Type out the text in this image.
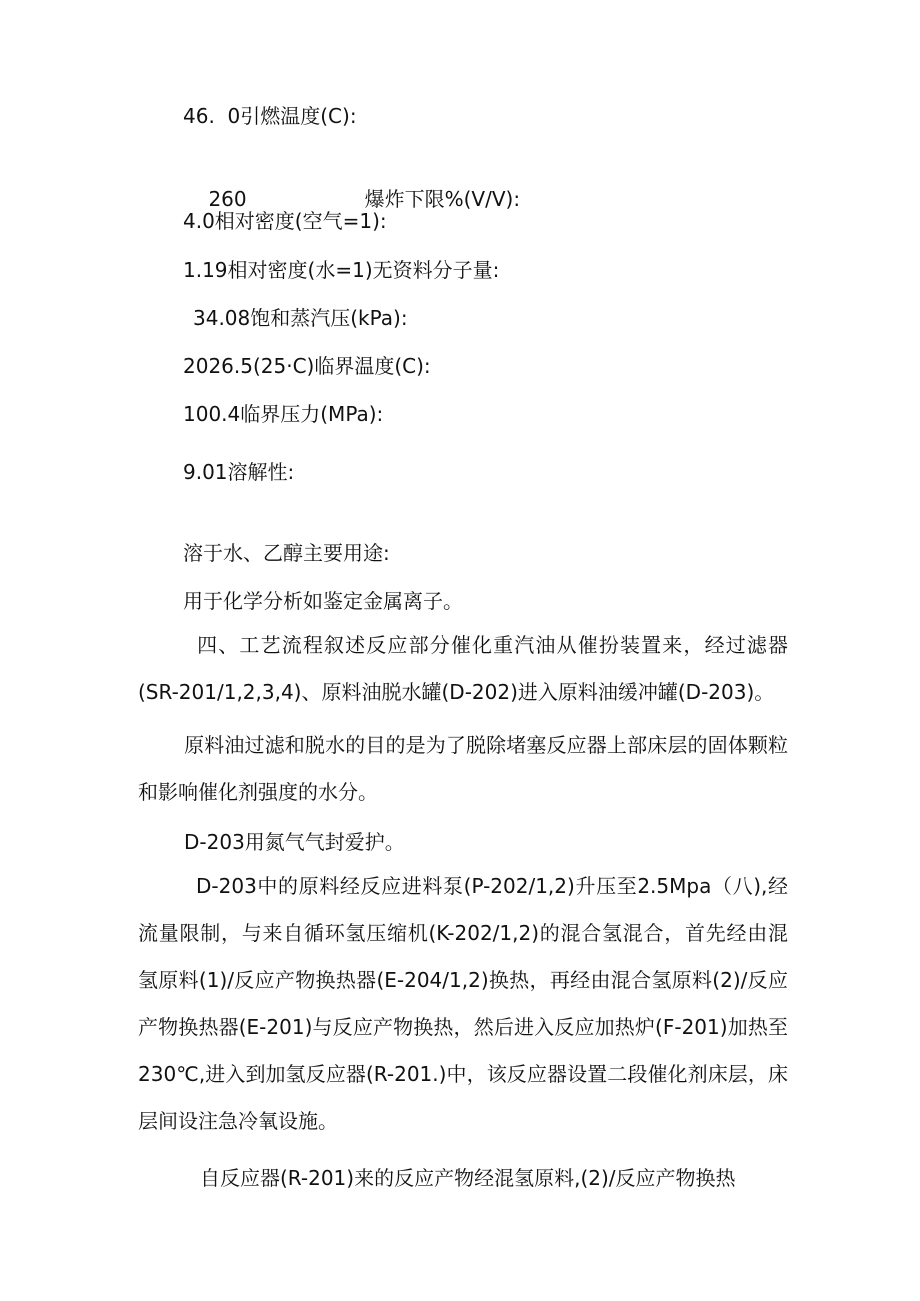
46.  0引燃温度(C):

260	爆炸下限%(V/V):

4.0相对密度(空气=1):

1.19相对密度(水=1)无资料分子量:

34.08饱和蒸汽压(kPa):

2026.5(25·C)临界温度(C):

100.4临界压力(MPa):

9.01溶解性:

溶于水、乙醇主要用途:

用于化学分析如鉴定金属离子。

四、工艺流程叙述反应部分催化重汽油从催扮装置来，经过滤器(SR-201/1,2,3,4)、原料油脱水罐(D-202)进入原料油缓冲罐(D-203)。

原料油过滤和脱水的目的是为了脱除堵塞反应器上部床层的固体颗粒和影响催化剂强度的水分。

D-203用氮气气封爱护。

D-203中的原料经反应进料泵(P-202/1,2)升压至2.5Mpa（八),经流量限制，与来自循环氢压缩机(K-202/1,2)的混合氢混合，首先经由混氢原料(1)/反应产物换热器(E-204/1,2)换热，再经由混合氢原料(2)/反应产物换热器(E-201)与反应产物换热，然后进入反应加热炉(F-201)加热至230℃,进入到加氢反应器(R-201.)中，该反应器设置二段催化剂床层，床层间设注急冷氧设施。

自反应器(R-201)来的反应产物经混氢原料,(2)/反应产物换热
